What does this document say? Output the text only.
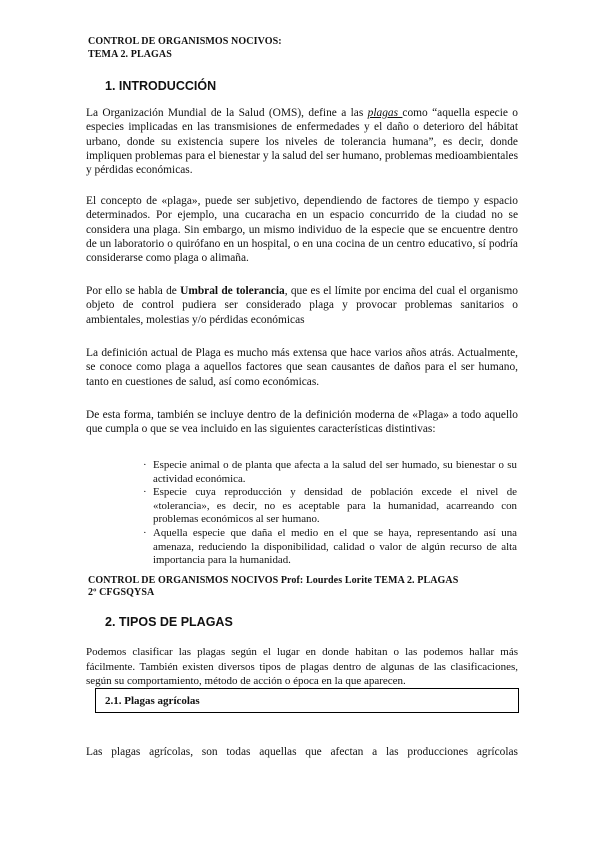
CONTROL DE ORGANISMOS NOCIVOS:
TEMA 2. PLAGAS
1. INTRODUCCIÓN
La Organización Mundial de la Salud (OMS), define a las plagas como “aquella especie o especies implicadas en las transmisiones de enfermedades y el daño o deterioro del hábitat urbano, donde su existencia supere los niveles de tolerancia humana”, es decir, donde impliquen problemas para el bienestar y la salud del ser humano, problemas medioambientales y pérdidas económicas.
El concepto de «plaga», puede ser subjetivo, dependiendo de factores de tiempo y espacio determinados. Por ejemplo, una cucaracha en un espacio concurrido de la ciudad no se considera una plaga. Sin embargo, un mismo individuo de la especie que se encuentre dentro de un laboratorio o quirófano en un hospital, o en una cocina de un centro educativo, sí podría considerarse como plaga o alimaña.
Por ello se habla de Umbral de tolerancia, que es el límite por encima del cual el organismo objeto de control pudiera ser considerado plaga y provocar problemas sanitarios o ambientales, molestias y/o pérdidas económicas
La definición actual de Plaga es mucho más extensa que hace varios años atrás. Actualmente, se conoce como plaga a aquellos factores que sean causantes de daños para el ser humano, tanto en cuestiones de salud, así como económicas.
De esta forma, también se incluye dentro de la definición moderna de «Plaga» a todo aquello que cumpla o que se vea incluido en las siguientes características distintivas:
· Especie animal o de planta que afecta a la salud del ser humado, su bienestar o su actividad económica.
· Especie cuya reproducción y densidad de población excede el nivel de «tolerancia», es decir, no es aceptable para la humanidad, acarreando con problemas económicos al ser humano.
· Aquella especie que daña el medio en el que se haya, representando así una amenaza, reduciendo la disponibilidad, calidad o valor de algún recurso de alta importancia para la humanidad.
CONTROL DE ORGANISMOS NOCIVOS Prof: Lourdes Lorite TEMA 2. PLAGAS
2º CFGSQYSA
2. TIPOS DE PLAGAS
Podemos clasificar las plagas según el lugar en donde habitan o las podemos hallar más fácilmente. También existen diversos tipos de plagas dentro de algunas de las clasificaciones, según su comportamiento, método de acción o época en la que aparecen.
2.1. Plagas agrícolas
Las plagas agrícolas, son todas aquellas que afectan a las producciones agrícolas
